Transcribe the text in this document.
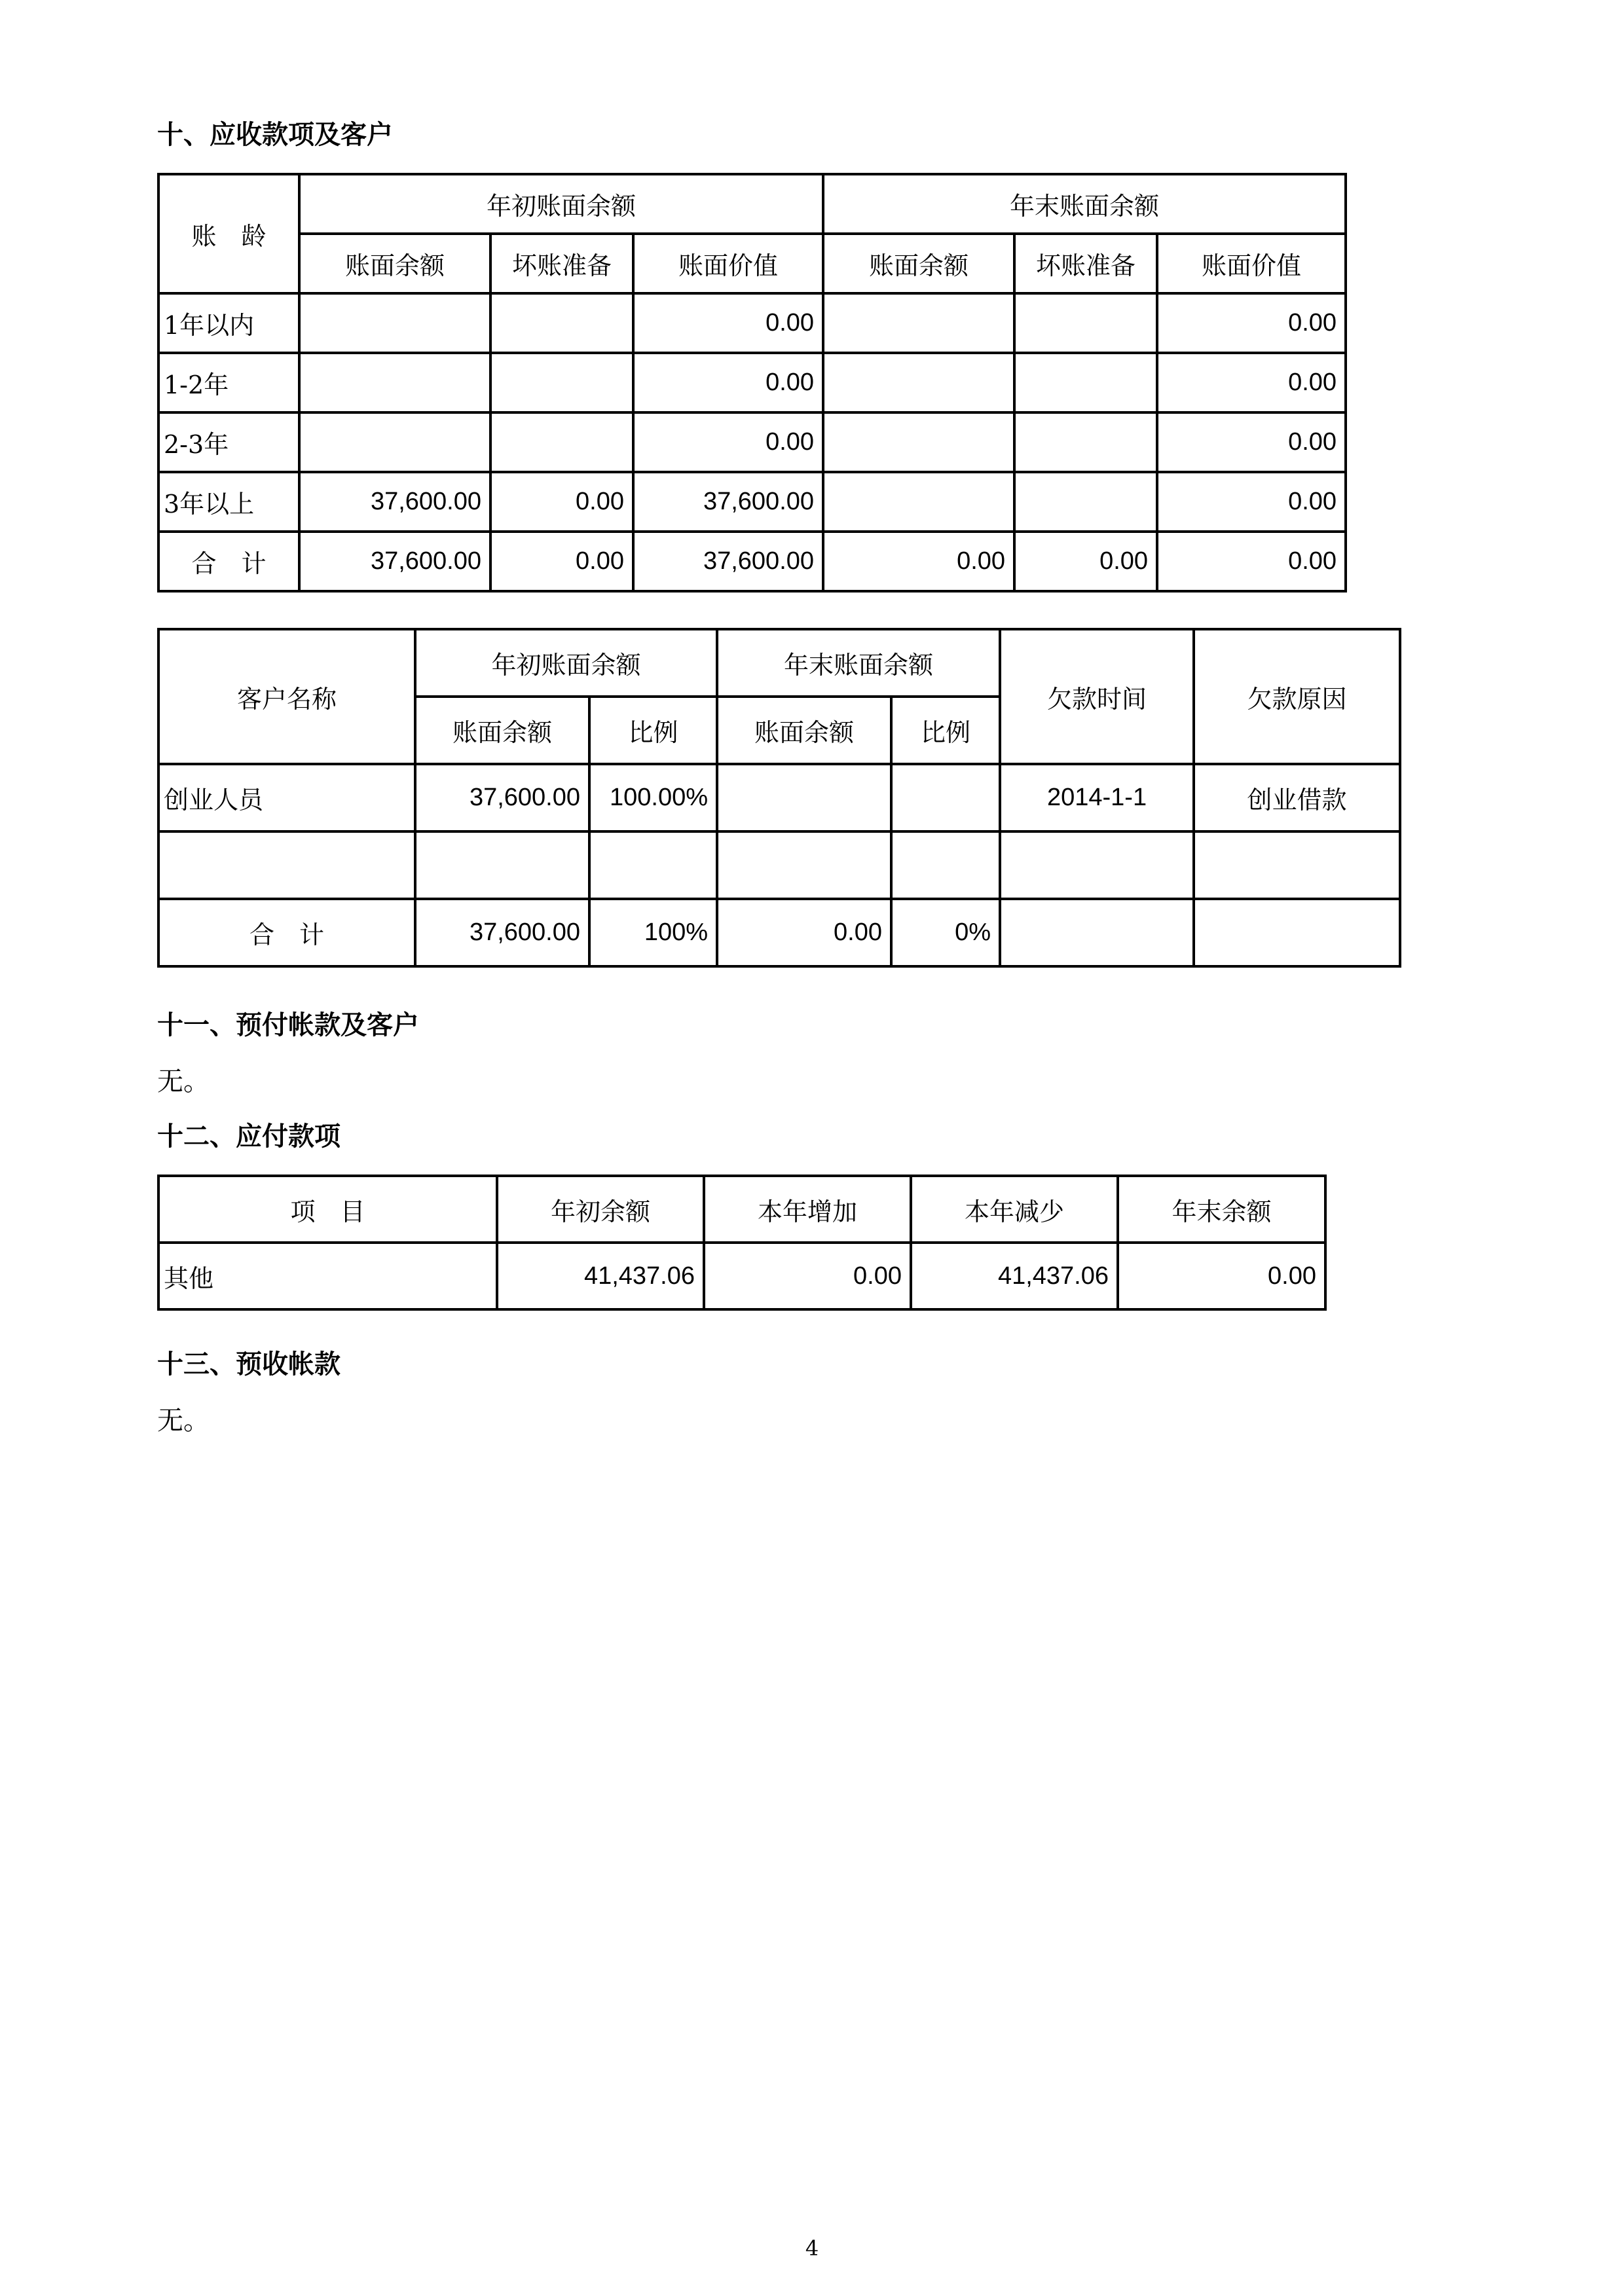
十、应收款项及客户
账　龄	年初账面余额			年末账面余额		
	账面余额	坏账准备	账面价值	账面余额	坏账准备	账面价值
1年以内			0.00			0.00
1-2年			0.00			0.00
2-3年			0.00			0.00
3年以上	37,600.00	0.00	37,600.00			0.00
合　计	37,600.00	0.00	37,600.00	0.00	0.00	0.00
客户名称	年初账面余额		年末账面余额		欠款时间	欠款原因
	账面余额	比例	账面余额	比例		
创业人员	37,600.00	100.00%			2014-1-1	创业借款

合　计	37,600.00	100%	0.00	0%		
十一、预付帐款及客户
无。
十二、应付款项
项　目	年初余额	本年增加	本年减少	年末余额
其他	41,437.06	0.00	41,437.06	0.00
十三、预收帐款
无。
4
